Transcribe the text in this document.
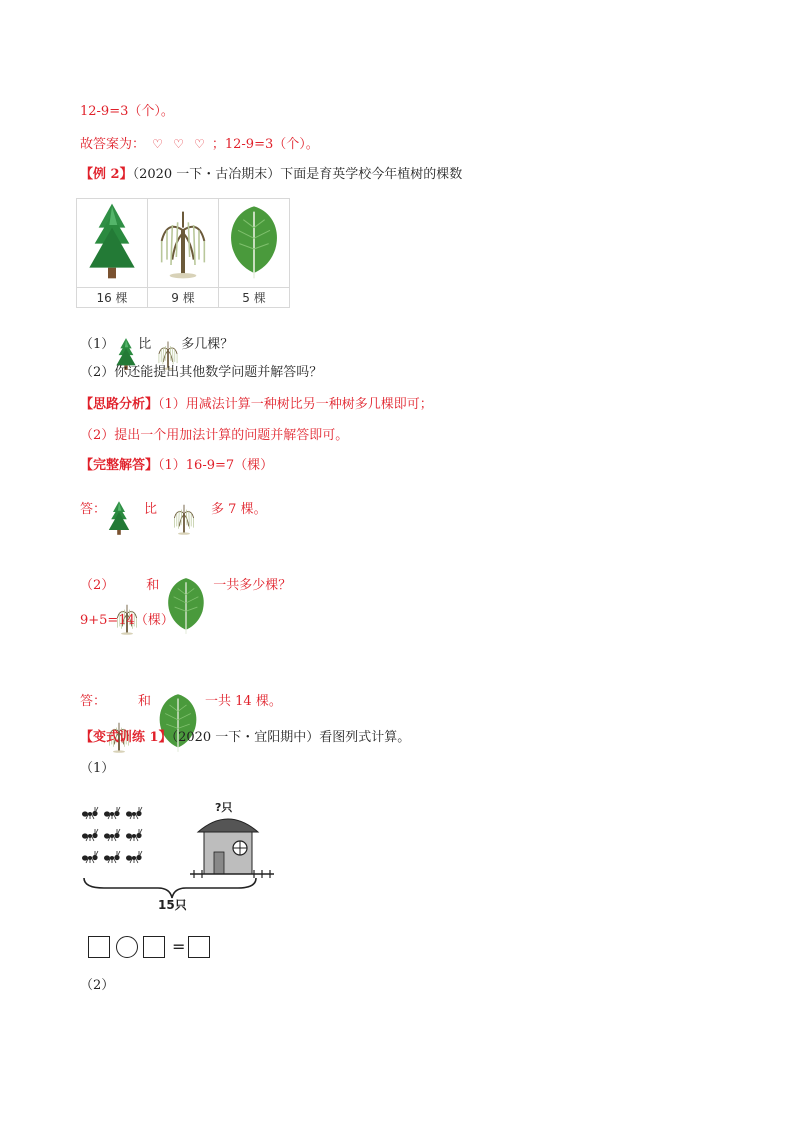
12-9=3（个）。
故答案为： ♡ ♡ ♡ ；12-9=3（个）。
【例 2】（2020 一下・古冶期末）下面是育英学校今年植树的棵数

16 棵	9 棵	5 棵
（1） 比 多几棵？
（2）你还能提出其他数学问题并解答吗？
【思路分析】（1）用减法计算一种树比另一种树多几棵即可；
（2）提出一个用加法计算的问题并解答即可。
【完整解答】（1）16-9=7（棵）
答：	比	多 7 棵。
（2） 和	一共多少棵？
9+5=14（棵）
答： 和	一共 14 棵。
【变式训练 1】（2020 一下・宜阳期中）看图列式计算。
（1）
?只
15只
=
（2）
